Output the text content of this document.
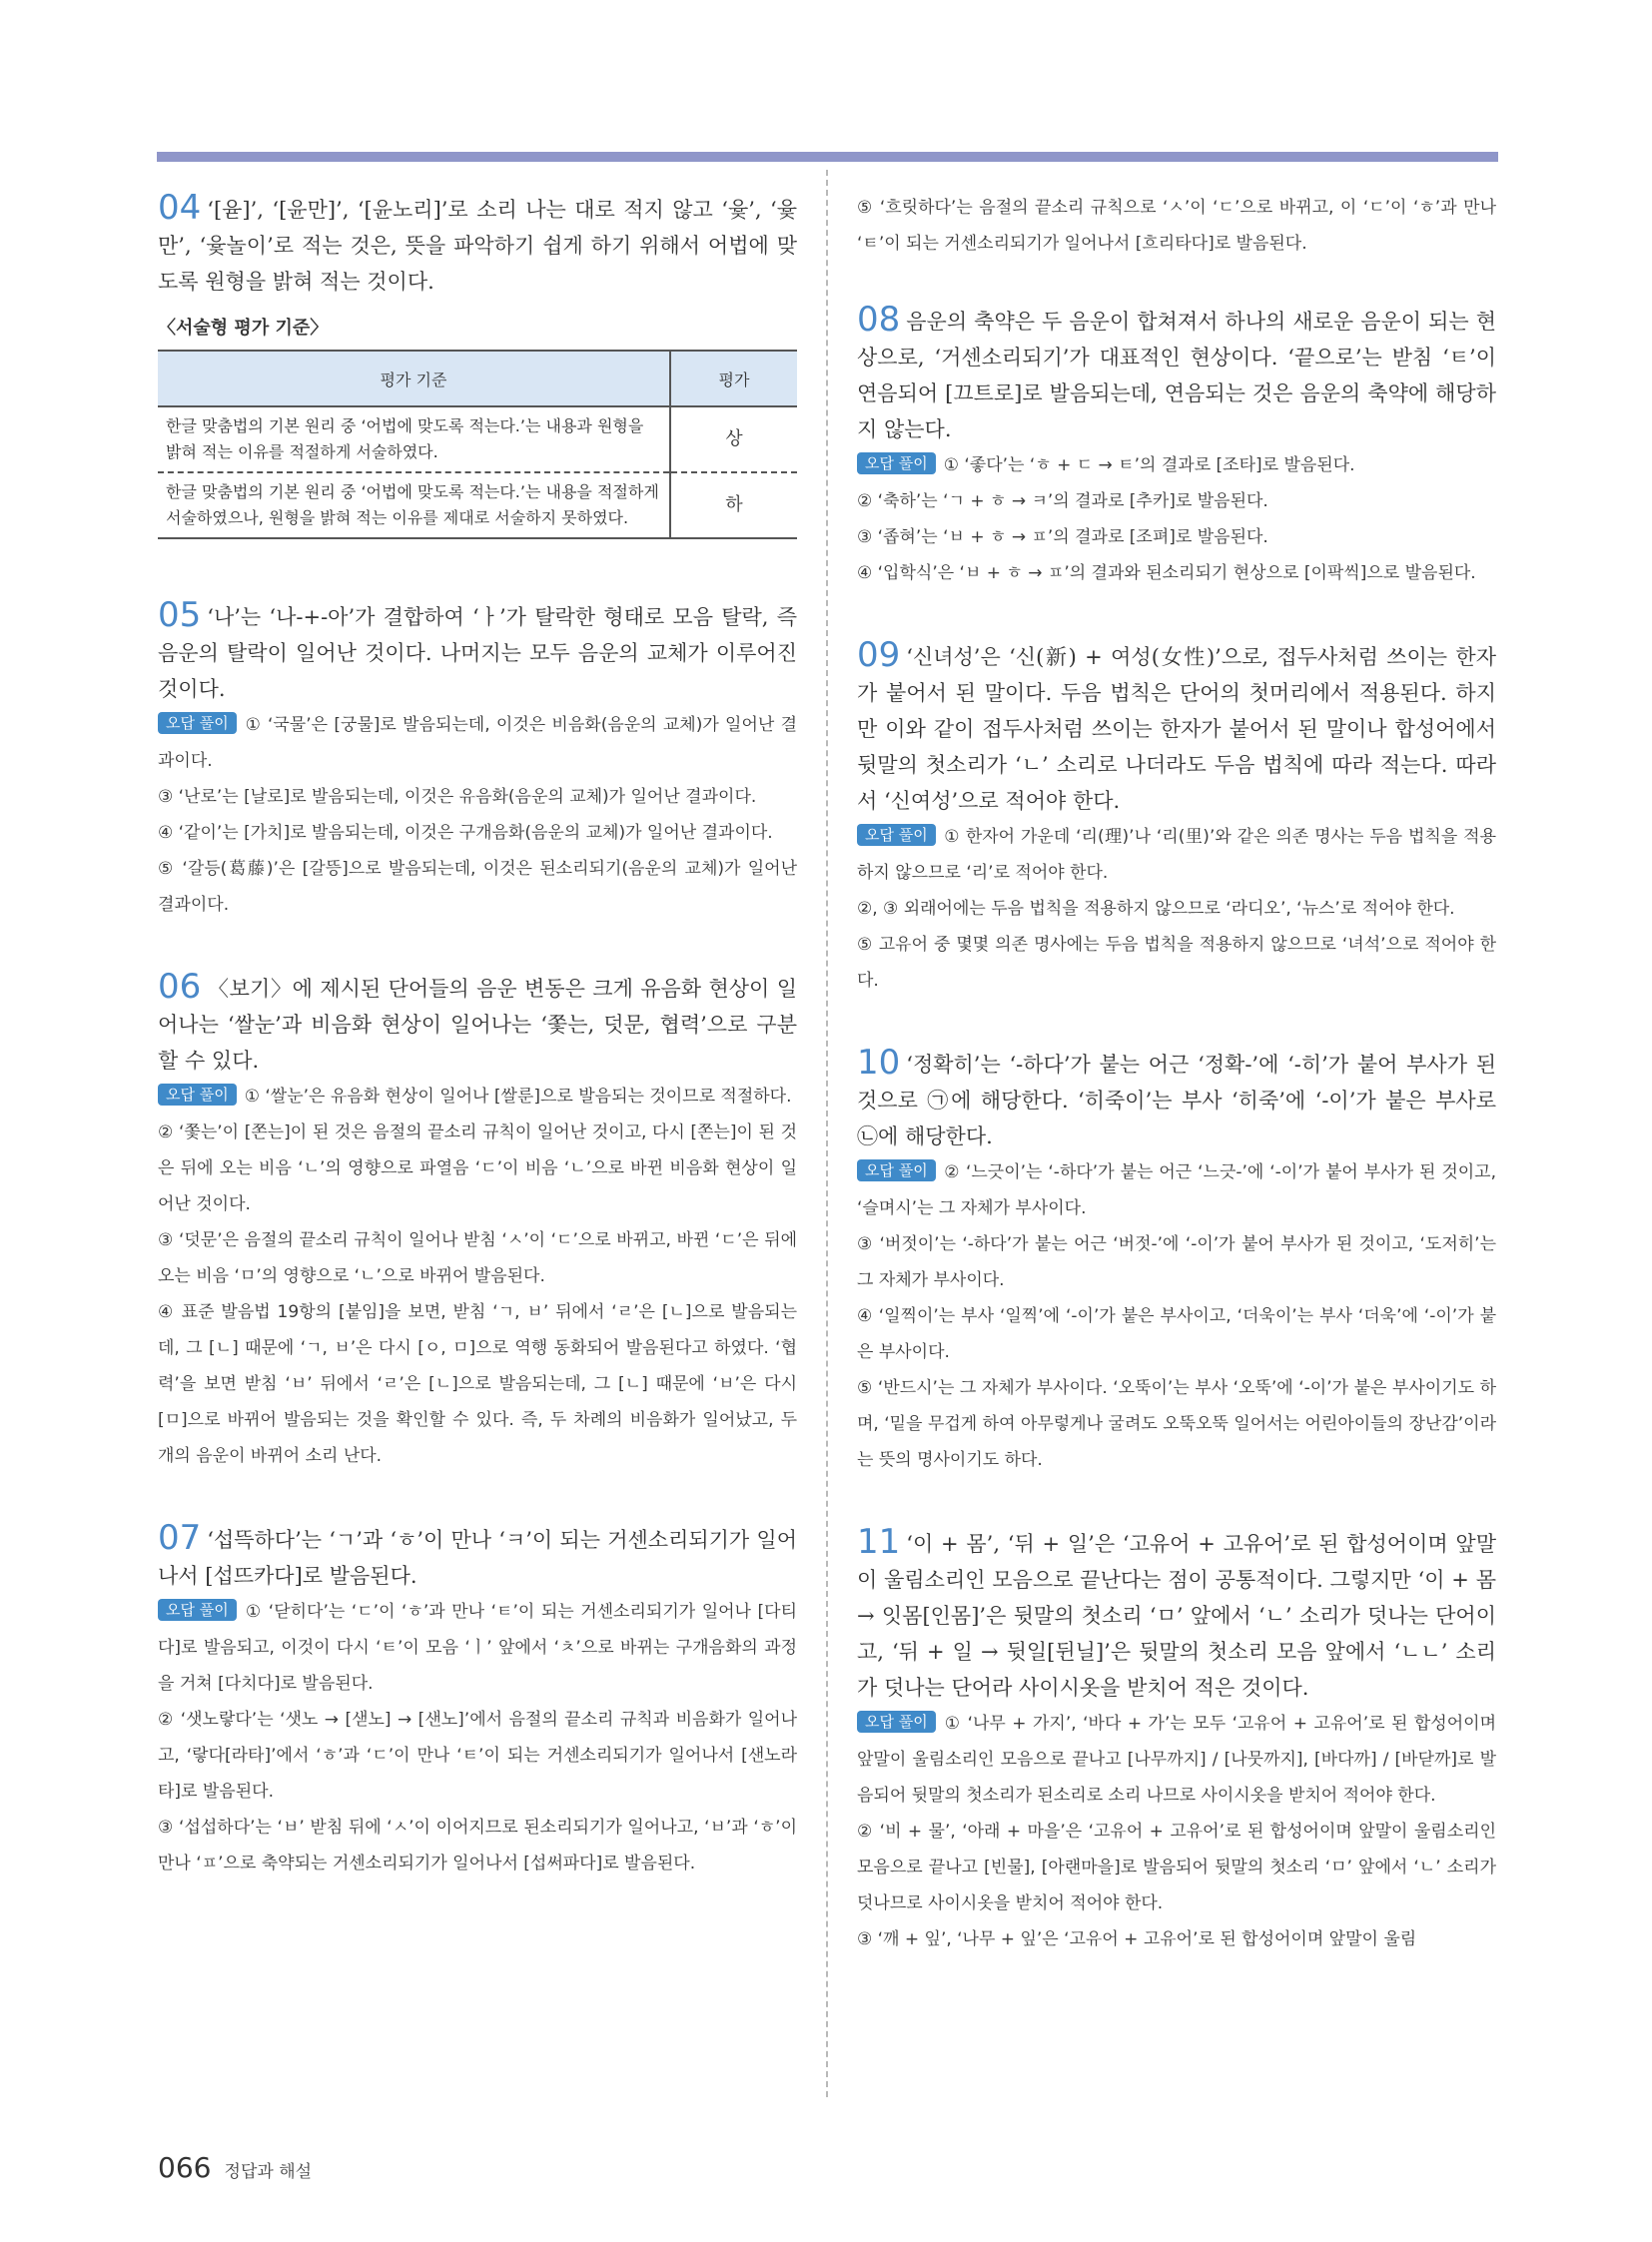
04 ‘[윧]’, ‘[윤만]’, ‘[윤노리]’로 소리 나는 대로 적지 않고 ‘윷’, ‘윷만’, ‘윷놀이’로 적는 것은, 뜻을 파악하기 쉽게 하기 위해서 어법에 맞도록 원형을 밝혀 적는 것이다.

〈서술형 평가 기준〉
평가 기준	평가
한글 맞춤법의 기본 원리 중 ‘어법에 맞도록 적는다.’는 내용과 원형을 밝혀 적는 이유를 적절하게 서술하였다.	상
한글 맞춤법의 기본 원리 중 ‘어법에 맞도록 적는다.’는 내용을 적절하게 서술하였으나, 원형을 밝혀 적는 이유를 제대로 서술하지 못하였다.	하

05 ‘나’는 ‘나-+-아’가 결합하여 ‘ㅏ’가 탈락한 형태로 모음 탈락, 즉 음운의 탈락이 일어난 것이다. 나머지는 모두 음운의 교체가 이루어진 것이다.

오답 풀이 ① ‘국물’은 [궁물]로 발음되는데, 이것은 비음화(음운의 교체)가 일어난 결과이다.

③ ‘난로’는 [날로]로 발음되는데, 이것은 유음화(음운의 교체)가 일어난 결과이다.

④ ‘같이’는 [가치]로 발음되는데, 이것은 구개음화(음운의 교체)가 일어난 결과이다.

⑤ ‘갈등(葛藤)’은 [갈뜽]으로 발음되는데, 이것은 된소리되기(음운의 교체)가 일어난 결과이다.

06 〈보기〉에 제시된 단어들의 음운 변동은 크게 유음화 현상이 일어나는 ‘쌀눈’과 비음화 현상이 일어나는 ‘쫓는, 덧문, 협력’으로 구분할 수 있다.

오답 풀이 ① ‘쌀눈’은 유음화 현상이 일어나 [쌀룬]으로 발음되는 것이므로 적절하다.

② ‘쫓는’이 [쫀는]이 된 것은 음절의 끝소리 규칙이 일어난 것이고, 다시 [쫀는]이 된 것은 뒤에 오는 비음 ‘ㄴ’의 영향으로 파열음 ‘ㄷ’이 비음 ‘ㄴ’으로 바뀐 비음화 현상이 일어난 것이다.

③ ‘덧문’은 음절의 끝소리 규칙이 일어나 받침 ‘ㅅ’이 ‘ㄷ’으로 바뀌고, 바뀐 ‘ㄷ’은 뒤에 오는 비음 ‘ㅁ’의 영향으로 ‘ㄴ’으로 바뀌어 발음된다.

④ 표준 발음법 19항의 [붙임]을 보면, 받침 ‘ㄱ, ㅂ’ 뒤에서 ‘ㄹ’은 [ㄴ]으로 발음되는데, 그 [ㄴ] 때문에 ‘ㄱ, ㅂ’은 다시 [ㅇ, ㅁ]으로 역행 동화되어 발음된다고 하였다. ‘협력’을 보면 받침 ‘ㅂ’ 뒤에서 ‘ㄹ’은 [ㄴ]으로 발음되는데, 그 [ㄴ] 때문에 ‘ㅂ’은 다시 [ㅁ]으로 바뀌어 발음되는 것을 확인할 수 있다. 즉, 두 차례의 비음화가 일어났고, 두 개의 음운이 바뀌어 소리 난다.

07 ‘섭뜩하다’는 ‘ㄱ’과 ‘ㅎ’이 만나 ‘ㅋ’이 되는 거센소리되기가 일어나서 [섭뜨카다]로 발음된다.

오답 풀이 ① ‘닫히다’는 ‘ㄷ’이 ‘ㅎ’과 만나 ‘ㅌ’이 되는 거센소리되기가 일어나 [다티다]로 발음되고, 이것이 다시 ‘ㅌ’이 모음 ‘ㅣ’ 앞에서 ‘ㅊ’으로 바뀌는 구개음화의 과정을 거쳐 [다치다]로 발음된다.

② ‘샛노랗다’는 ‘샛노 → [샏노] → [샌노]’에서 음절의 끝소리 규칙과 비음화가 일어나고, ‘랗다[라타]’에서 ‘ㅎ’과 ‘ㄷ’이 만나 ‘ㅌ’이 되는 거센소리되기가 일어나서 [샌노라타]로 발음된다.

③ ‘섭섭하다’는 ‘ㅂ’ 받침 뒤에 ‘ㅅ’이 이어지므로 된소리되기가 일어나고, ‘ㅂ’과 ‘ㅎ’이 만나 ‘ㅍ’으로 축약되는 거센소리되기가 일어나서 [섭써파다]로 발음된다.

⑤ ‘흐릿하다’는 음절의 끝소리 규칙으로 ‘ㅅ’이 ‘ㄷ’으로 바뀌고, 이 ‘ㄷ’이 ‘ㅎ’과 만나 ‘ㅌ’이 되는 거센소리되기가 일어나서 [흐리타다]로 발음된다.

08 음운의 축약은 두 음운이 합쳐져서 하나의 새로운 음운이 되는 현상으로, ‘거센소리되기’가 대표적인 현상이다. ‘끝으로’는 받침 ‘ㅌ’이 연음되어 [끄트로]로 발음되는데, 연음되는 것은 음운의 축약에 해당하지 않는다.

오답 풀이 ① ‘좋다’는 ‘ㅎ + ㄷ → ㅌ’의 결과로 [조타]로 발음된다.

② ‘축하’는 ‘ㄱ + ㅎ → ㅋ’의 결과로 [추카]로 발음된다.

③ ‘좁혀’는 ‘ㅂ + ㅎ → ㅍ’의 결과로 [조펴]로 발음된다.

④ ‘입학식’은 ‘ㅂ + ㅎ → ㅍ’의 결과와 된소리되기 현상으로 [이팍씩]으로 발음된다.

09 ‘신녀성’은 ‘신(新) + 여성(女性)’으로, 접두사처럼 쓰이는 한자가 붙어서 된 말이다. 두음 법칙은 단어의 첫머리에서 적용된다. 하지만 이와 같이 접두사처럼 쓰이는 한자가 붙어서 된 말이나 합성어에서 뒷말의 첫소리가 ‘ㄴ’ 소리로 나더라도 두음 법칙에 따라 적는다. 따라서 ‘신여성’으로 적어야 한다.

오답 풀이 ① 한자어 가운데 ‘리(理)’나 ‘리(里)’와 같은 의존 명사는 두음 법칙을 적용하지 않으므로 ‘리’로 적어야 한다.

②, ③ 외래어에는 두음 법칙을 적용하지 않으므로 ‘라디오’, ‘뉴스’로 적어야 한다.

⑤ 고유어 중 몇몇 의존 명사에는 두음 법칙을 적용하지 않으므로 ‘녀석’으로 적어야 한다.

10 ‘정확히’는 ‘-하다’가 붙는 어근 ‘정확-’에 ‘-히’가 붙어 부사가 된 것으로 ㉠에 해당한다. ‘히죽이’는 부사 ‘히죽’에 ‘-이’가 붙은 부사로 ㉡에 해당한다.

오답 풀이 ② ‘느긋이’는 ‘-하다’가 붙는 어근 ‘느긋-’에 ‘-이’가 붙어 부사가 된 것이고, ‘슬며시’는 그 자체가 부사이다.

③ ‘버젓이’는 ‘-하다’가 붙는 어근 ‘버젓-’에 ‘-이’가 붙어 부사가 된 것이고, ‘도저히’는 그 자체가 부사이다.

④ ‘일찍이’는 부사 ‘일찍’에 ‘-이’가 붙은 부사이고, ‘더욱이’는 부사 ‘더욱’에 ‘-이’가 붙은 부사이다.

⑤ ‘반드시’는 그 자체가 부사이다. ‘오뚝이’는 부사 ‘오뚝’에 ‘-이’가 붙은 부사이기도 하며, ‘밑을 무겁게 하여 아무렇게나 굴려도 오뚝오뚝 일어서는 어린아이들의 장난감’이라는 뜻의 명사이기도 하다.

11 ‘이 + 몸’, ‘뒤 + 일’은 ‘고유어 + 고유어’로 된 합성어이며 앞말이 울림소리인 모음으로 끝난다는 점이 공통적이다. 그렇지만 ‘이 + 몸 → 잇몸[인몸]’은 뒷말의 첫소리 ‘ㅁ’ 앞에서 ‘ㄴ’ 소리가 덧나는 단어이고, ‘뒤 + 일 → 뒷일[뒨닐]’은 뒷말의 첫소리 모음 앞에서 ‘ㄴㄴ’ 소리가 덧나는 단어라 사이시옷을 받치어 적은 것이다.

오답 풀이 ① ‘나무 + 가지’, ‘바다 + 가’는 모두 ‘고유어 + 고유어’로 된 합성어이며 앞말이 울림소리인 모음으로 끝나고 [나무까지] / [나뭇까지], [바다까] / [바닫까]로 발음되어 뒷말의 첫소리가 된소리로 소리 나므로 사이시옷을 받치어 적어야 한다.

② ‘비 + 물’, ‘아래 + 마을’은 ‘고유어 + 고유어’로 된 합성어이며 앞말이 울림소리인 모음으로 끝나고 [빈물], [아랜마을]로 발음되어 뒷말의 첫소리 ‘ㅁ’ 앞에서 ‘ㄴ’ 소리가 덧나므로 사이시옷을 받치어 적어야 한다.

③ ‘깨 + 잎’, ‘나무 + 잎’은 ‘고유어 + 고유어’로 된 합성어이며 앞말이 울림

066 정답과 해설
